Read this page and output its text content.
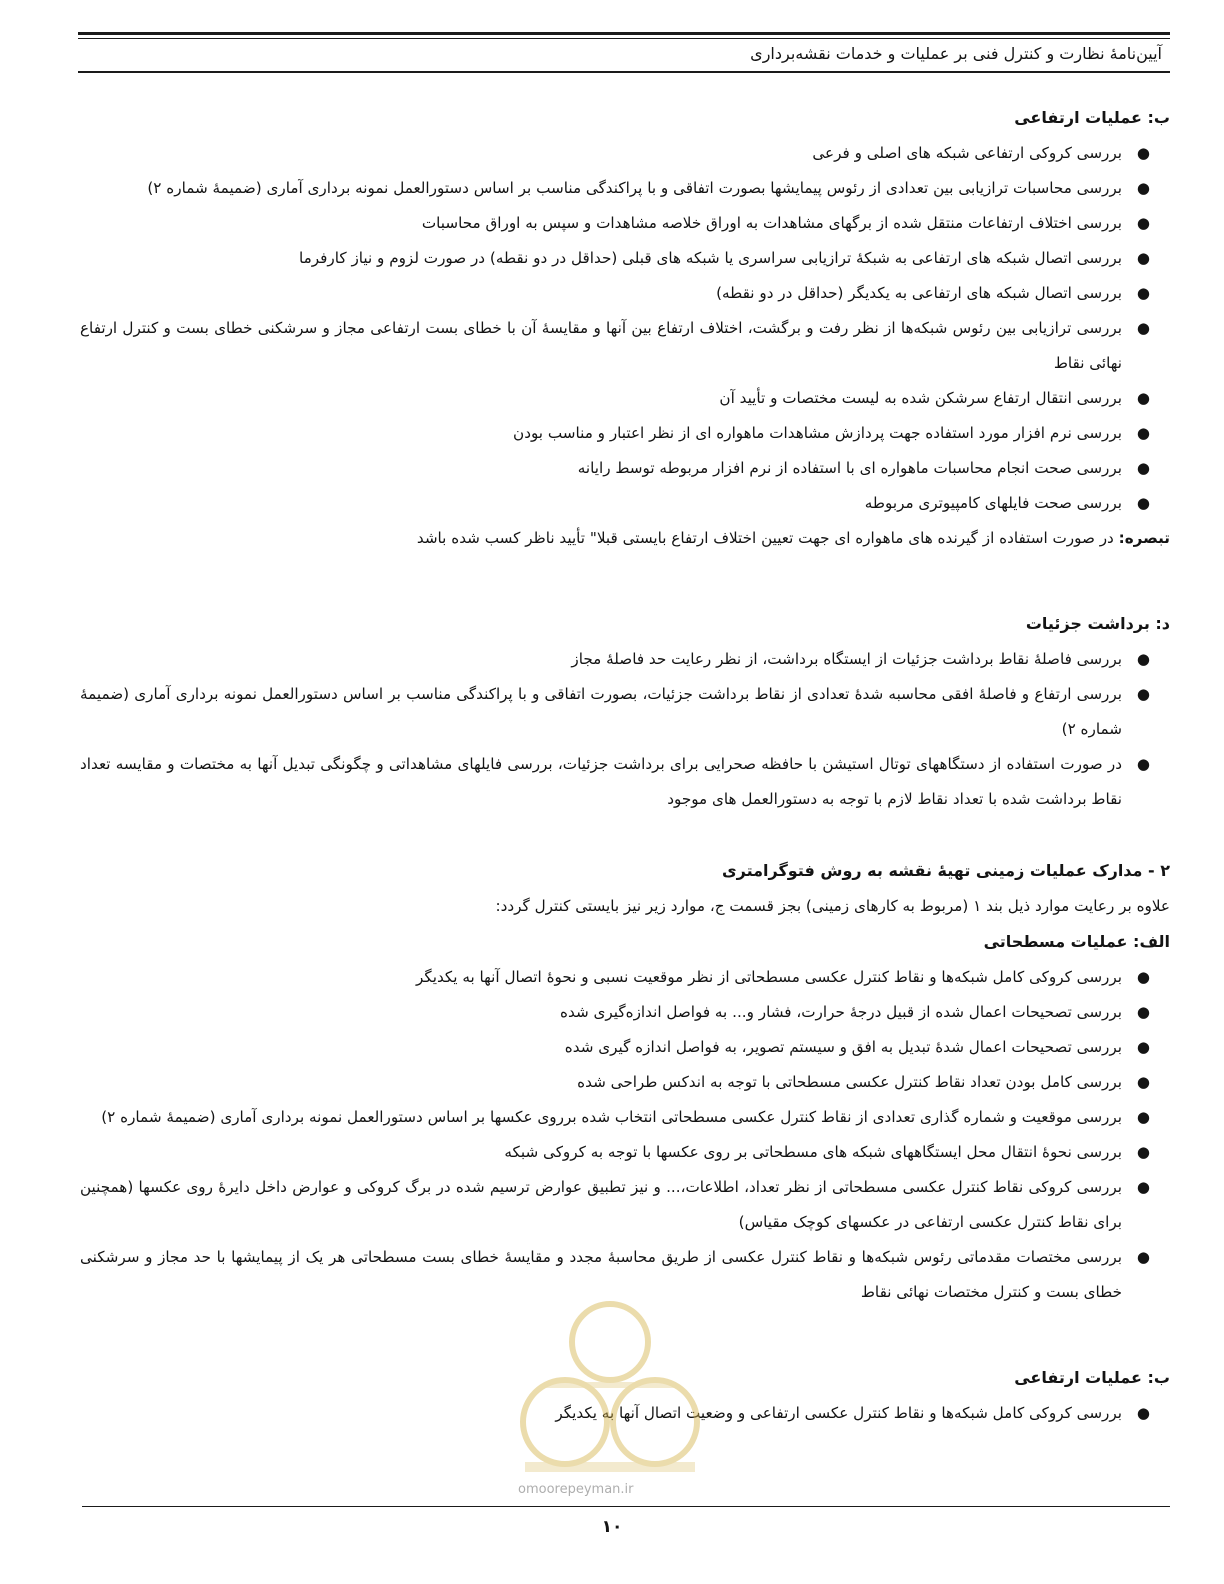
آیین‌نامهٔ نظارت و کنترل فنی بر عملیات و خدمات نقشه‌برداری
ب: عملیات ارتفاعی
●
بررسی کروکی ارتفاعی شبکه های اصلی و فرعی
●
بررسی محاسبات ترازیابی بین تعدادی از رئوس پیمایشها بصورت اتفاقی و با پراکندگی مناسب بر اساس دستورالعمل نمونه برداری آماری (ضمیمهٔ شماره ۲)
●
بررسی اختلاف ارتفاعات منتقل شده از برگهای مشاهدات به اوراق خلاصه مشاهدات و سپس به اوراق محاسبات
●
بررسی اتصال شبکه های ارتفاعی به شبکهٔ ترازیابی سراسری یا شبکه های قبلی (حداقل در دو نقطه) در صورت لزوم و نیاز کارفرما
●
بررسی اتصال شبکه های ارتفاعی به یکدیگر (حداقل در دو نقطه)
●
بررسی ترازیابی بین رئوس شبکه‌ها از نظر رفت و برگشت، اختلاف ارتفاع بین آنها و مقایسهٔ آن با خطای بست ارتفاعی مجاز و سرشکنی خطای بست و کنترل ارتفاع نهائی نقاط
●
بررسی انتقال ارتفاع سرشکن شده به لیست مختصات و تأیید آن
●
بررسی نرم افزار مورد استفاده جهت پردازش مشاهدات ماهواره ای از نظر اعتبار و مناسب بودن
●
بررسی صحت انجام محاسبات ماهواره ای با استفاده از نرم افزار مربوطه توسط رایانه
●
بررسی صحت فایلهای کامپیوتری مربوطه
تبصره: در صورت استفاده از گیرنده های ماهواره ای جهت تعیین اختلاف ارتفاع بایستی قبلا" تأیید ناظر کسب شده باشد
د: برداشت جزئیات
●
بررسی فاصلهٔ نقاط برداشت جزئیات از ایستگاه برداشت، از نظر رعایت حد فاصلهٔ مجاز
●
بررسی ارتفاع و فاصلهٔ افقی محاسبه شدهٔ تعدادی از نقاط برداشت جزئیات، بصورت اتفاقی و با پراکندگی مناسب بر اساس دستورالعمل نمونه برداری آماری (ضمیمهٔ شماره ۲)
●
در صورت استفاده از دستگاههای توتال استیشن با حافظه صحرایی برای برداشت جزئیات، بررسی فایلهای مشاهداتی و چگونگی تبدیل آنها به مختصات و مقایسه تعداد نقاط برداشت شده با تعداد نقاط لازم با توجه به دستورالعمل های موجود
۲ - مدارک عملیات زمینی تهیهٔ نقشه به روش فتوگرامتری
علاوه بر رعایت موارد ذیل بند ۱ (مربوط به کارهای زمینی) بجز قسمت ج، موارد زیر نیز بایستی کنترل گردد:
الف: عملیات مسطحاتی
●
بررسی کروکی کامل شبکه‌ها و نقاط کنترل عکسی مسطحاتی از نظر موقعیت نسبی و نحوهٔ اتصال آنها به یکدیگر
●
بررسی تصحیحات اعمال شده از قبیل درجهٔ حرارت، فشار و... به فواصل اندازه‌گیری شده
●
بررسی تصحیحات اعمال شدهٔ تبدیل به افق و سیستم تصویر، به فواصل اندازه گیری شده
●
بررسی کامل بودن تعداد نقاط کنترل عکسی مسطحاتی با توجه به اندکس طراحی شده
●
بررسی موقعیت و شماره گذاری تعدادی از نقاط کنترل عکسی مسطحاتی انتخاب شده برروی عکسها بر اساس دستورالعمل نمونه برداری آماری (ضمیمهٔ شماره ۲)
●
بررسی نحوهٔ انتقال محل ایستگاههای شبکه های مسطحاتی بر روی عکسها با توجه به کروکی شبکه
●
بررسی کروکی نقاط کنترل عکسی مسطحاتی از نظر تعداد، اطلاعات،... و نیز تطبیق عوارض ترسیم شده در برگ کروکی و عوارض داخل دایرهٔ روی عکسها (همچنین برای نقاط کنترل عکسی ارتفاعی در عکسهای کوچک مقیاس)
●
بررسی مختصات مقدماتی رئوس شبکه‌ها و نقاط کنترل عکسی از طریق محاسبهٔ مجدد و مقایسهٔ خطای بست مسطحاتی هر یک از پیمایشها با حد مجاز و سرشکنی خطای بست و کنترل مختصات نهائی نقاط
ب: عملیات ارتفاعی
●
بررسی کروکی کامل شبکه‌ها و نقاط کنترل عکسی ارتفاعی و وضعیت اتصال آنها به یکدیگر
omoorepeyman.ir
۱۰
